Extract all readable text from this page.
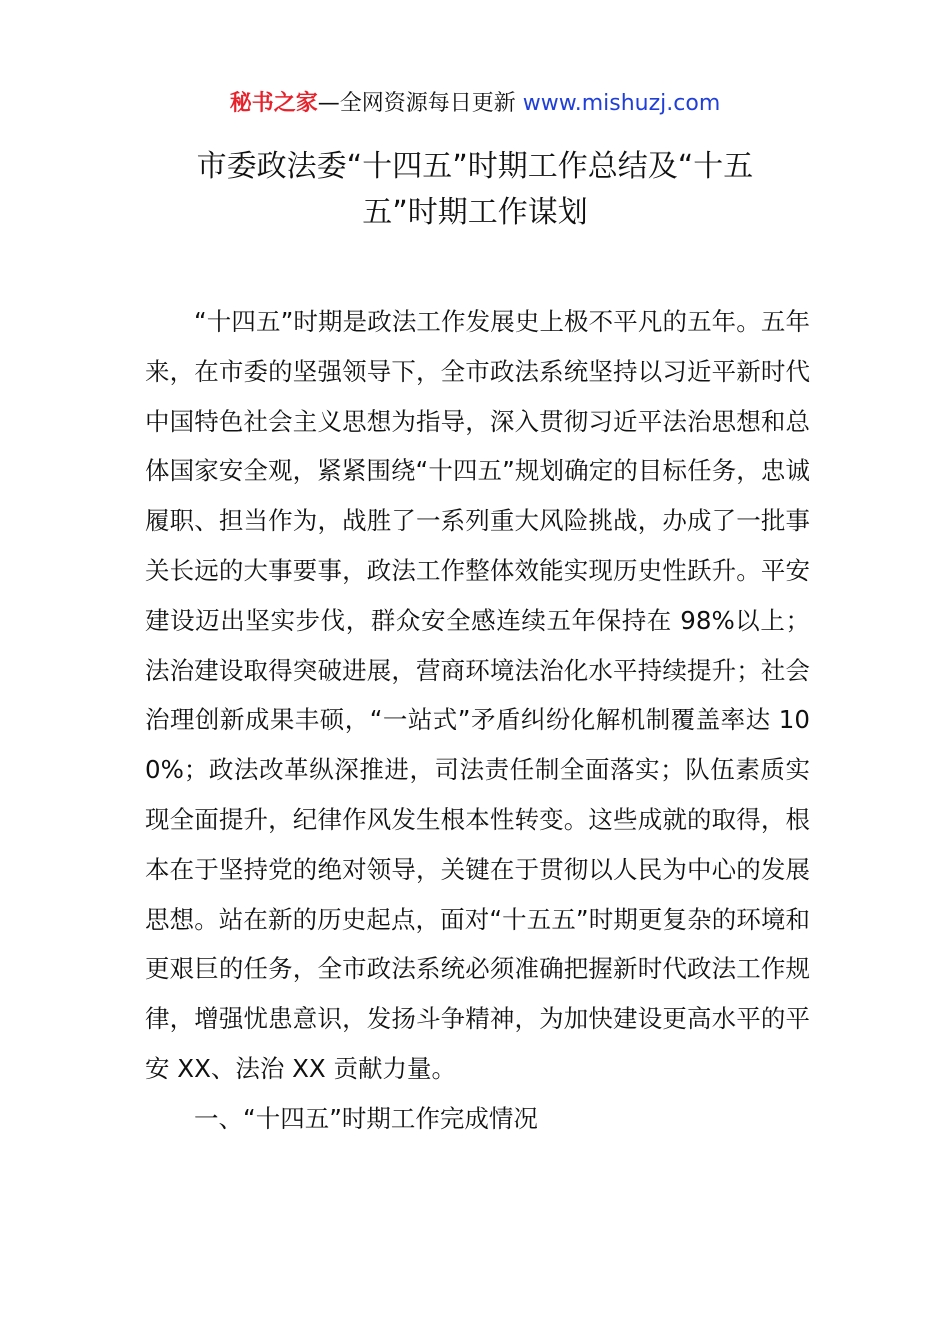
秘书之家—全网资源每日更新 www.mishuzj.com
市委政法委“十四五”时期工作总结及“十五
五”时期工作谋划

“十四五”时期是政法工作发展史上极不平凡的五年。五年来，在市委的坚强领导下，全市政法系统坚持以习近平新时代中国特色社会主义思想为指导，深入贯彻习近平法治思想和总体国家安全观，紧紧围绕“十四五”规划确定的目标任务，忠诚履职、担当作为，战胜了一系列重大风险挑战，办成了一批事关长远的大事要事，政法工作整体效能实现历史性跃升。平安建设迈出坚实步伐，群众安全感连续五年保持在 98%以上；法治建设取得突破进展，营商环境法治化水平持续提升；社会治理创新成果丰硕，“一站式”矛盾纠纷化解机制覆盖率达 100%；政法改革纵深推进，司法责任制全面落实；队伍素质实现全面提升，纪律作风发生根本性转变。这些成就的取得，根本在于坚持党的绝对领导，关键在于贯彻以人民为中心的发展思想。站在新的历史起点，面对“十五五”时期更复杂的环境和更艰巨的任务，全市政法系统必须准确把握新时代政法工作规律，增强忧患意识，发扬斗争精神，为加快建设更高水平的平安 XX、法治 XX 贡献力量。

一、“十四五”时期工作完成情况
